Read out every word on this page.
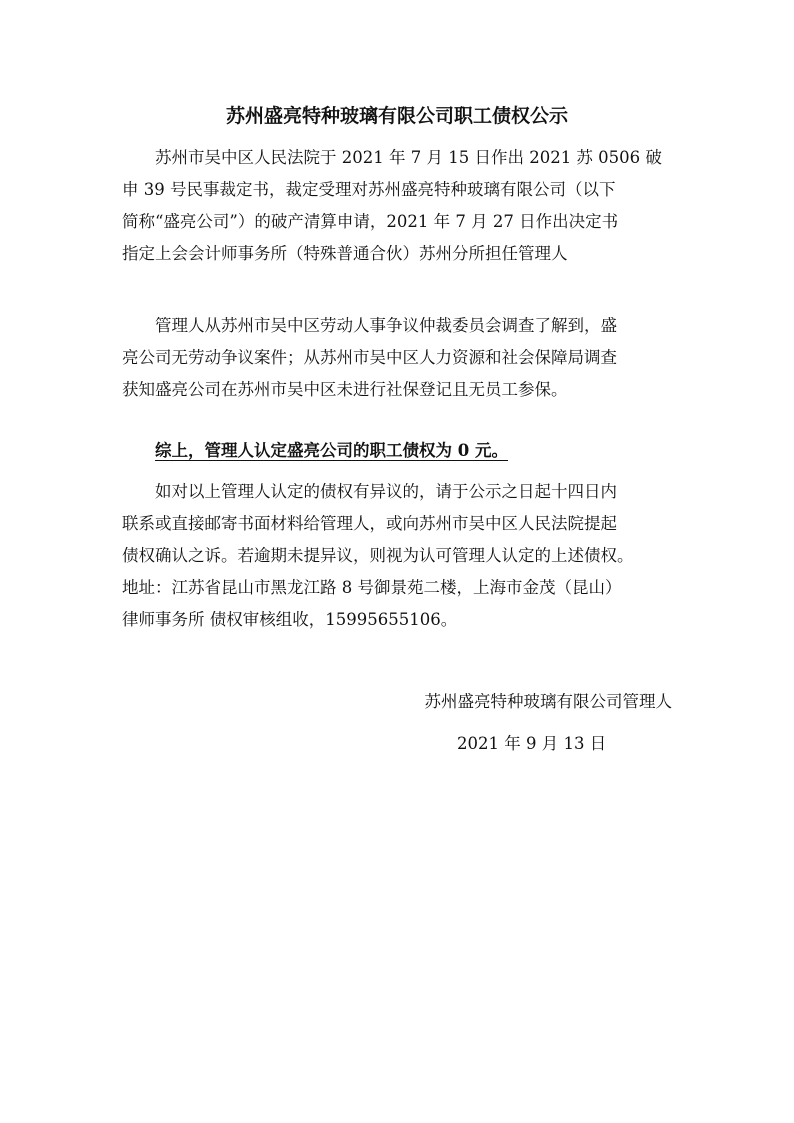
苏州盛亮特种玻璃有限公司职工债权公示
苏州市吴中区人民法院于 2021 年 7 月 15 日作出 2021 苏 0506 破
申 39 号民事裁定书，裁定受理对苏州盛亮特种玻璃有限公司（以下
简称“盛亮公司”）的破产清算申请，2021 年 7 月 27 日作出决定书
指定上会会计师事务所（特殊普通合伙）苏州分所担任管理人
管理人从苏州市吴中区劳动人事争议仲裁委员会调查了解到，盛
亮公司无劳动争议案件；从苏州市吴中区人力资源和社会保障局调查
获知盛亮公司在苏州市吴中区未进行社保登记且无员工参保。
综上，管理人认定盛亮公司的职工债权为 0 元。
如对以上管理人认定的债权有异议的，请于公示之日起十四日内
联系或直接邮寄书面材料给管理人，或向苏州市吴中区人民法院提起
债权确认之诉。若逾期未提异议，则视为认可管理人认定的上述债权。
地址：江苏省昆山市黑龙江路 8 号御景苑二楼，上海市金茂（昆山）
律师事务所 债权审核组收，15995655106。

苏州盛亮特种玻璃有限公司管理人

2021 年 9 月 13 日
